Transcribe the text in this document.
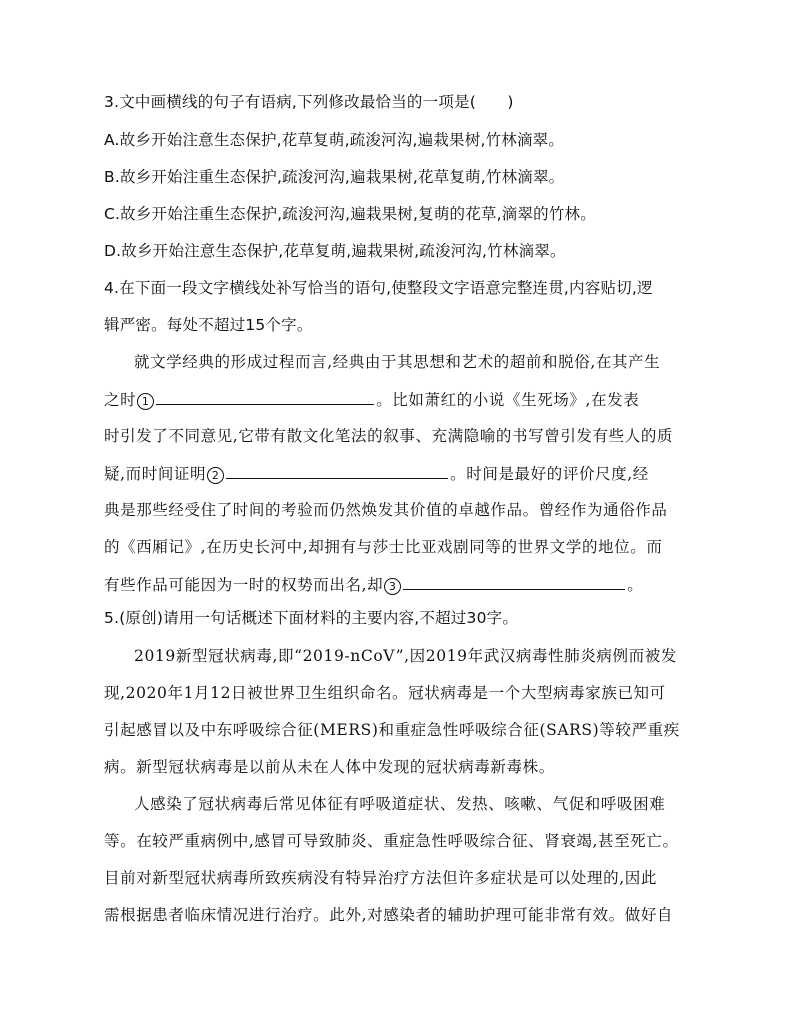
3.文中画横线的句子有语病,下列修改最恰当的一项是(　　)
A.故乡开始注意生态保护,花草复萌,疏浚河沟,遍栽果树,竹林滴翠。
B.故乡开始注重生态保护,疏浚河沟,遍栽果树,花草复萌,竹林滴翠。
C.故乡开始注重生态保护,疏浚河沟,遍栽果树,复萌的花草,滴翠的竹林。
D.故乡开始注意生态保护,花草复萌,遍栽果树,疏浚河沟,竹林滴翠。
4.在下面一段文字横线处补写恰当的语句,使整段文字语意完整连贯,内容贴切,逻
辑严密。每处不超过15个字。
就文学经典的形成过程而言,经典由于其思想和艺术的超前和脱俗,在其产生
之时 1	。比如萧红的小说《生死场》,在发表
时引发了不同意见,它带有散文化笔法的叙事、充满隐喻的书写曾引发有些人的质
疑,而时间证明 2	。时间是最好的评价尺度,经
典是那些经受住了时间的考验而仍然焕发其价值的卓越作品。曾经作为通俗作品
的《西厢记》,在历史长河中,却拥有与莎士比亚戏剧同等的世界文学的地位。而
有些作品可能因为一时的权势而出名,却 3	。
5.(原创)请用一句话概述下面材料的主要内容,不超过30字。
2019新型冠状病毒,即“2019-nCoV”,因2019年武汉病毒性肺炎病例而被发
现,2020年1月12日被世界卫生组织命名。冠状病毒是一个大型病毒家族已知可
引起感冒以及中东呼吸综合征(MERS)和重症急性呼吸综合征(SARS)等较严重疾
病。新型冠状病毒是以前从未在人体中发现的冠状病毒新毒株。
人感染了冠状病毒后常见体征有呼吸道症状、发热、咳嗽、气促和呼吸困难
等。在较严重病例中,感冒可导致肺炎、重症急性呼吸综合征、肾衰竭,甚至死亡。
目前对新型冠状病毒所致疾病没有特异治疗方法但许多症状是可以处理的,因此
需根据患者临床情况进行治疗。此外,对感染者的辅助护理可能非常有效。做好自
